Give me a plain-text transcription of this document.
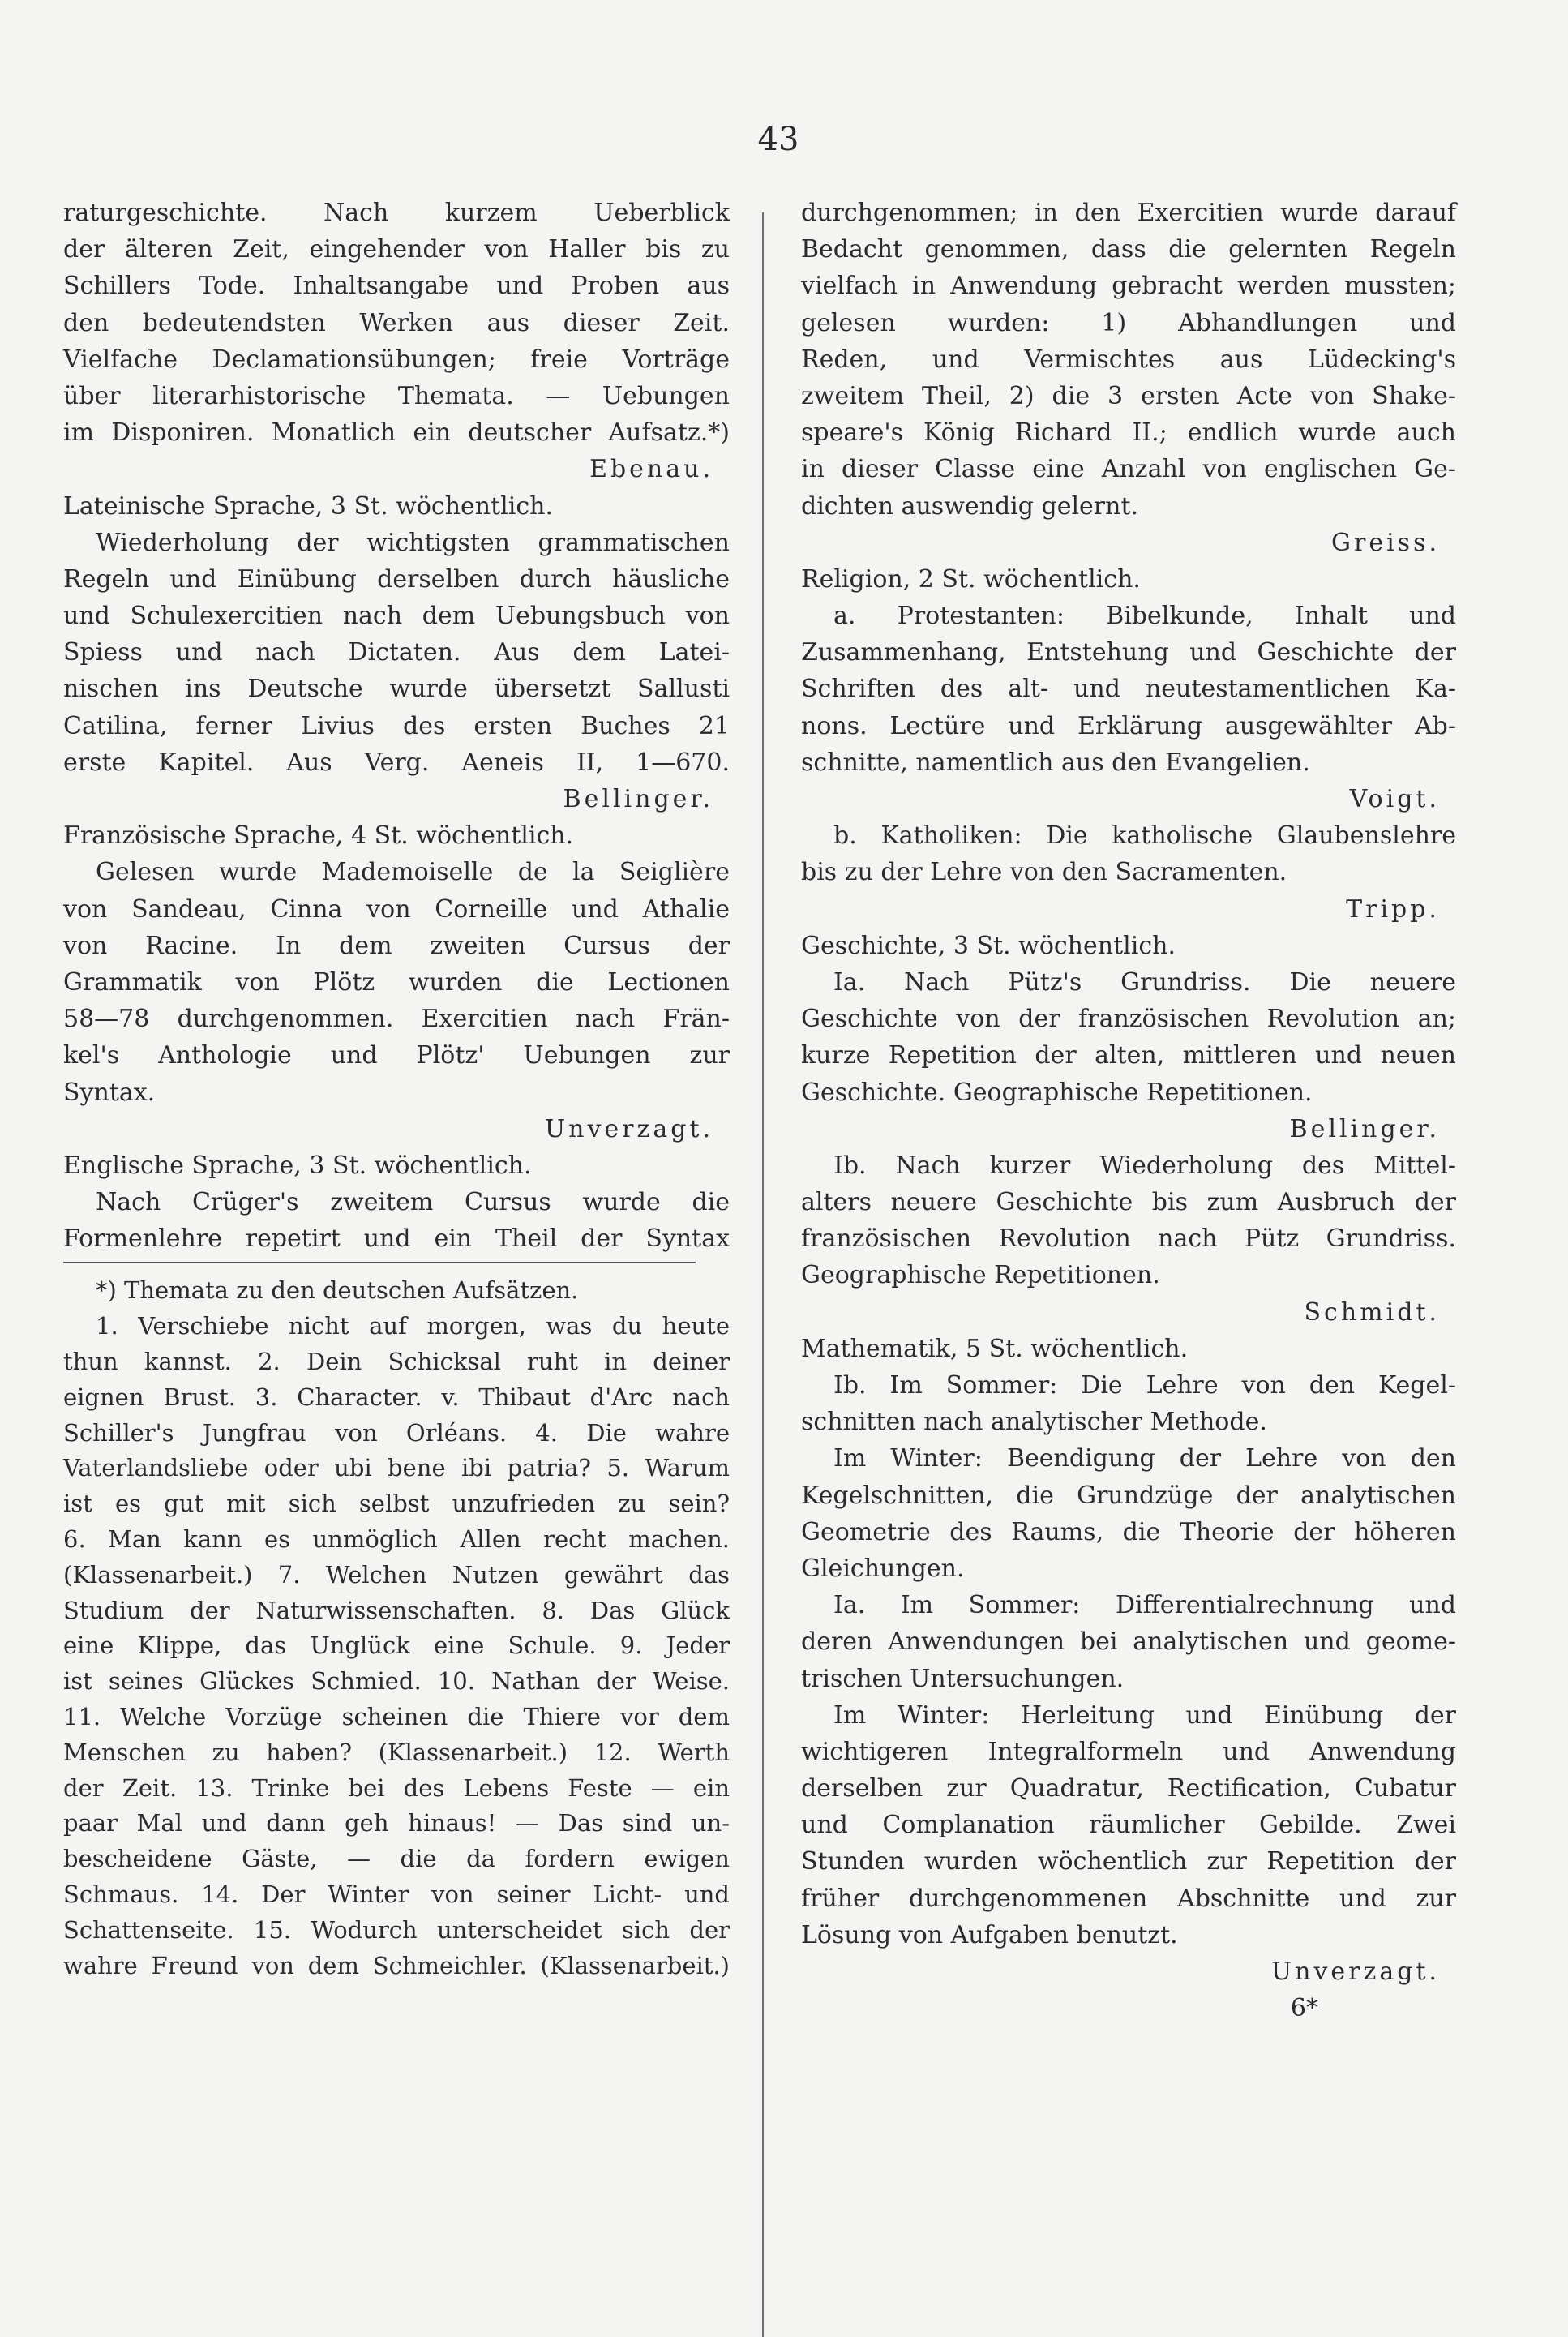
43
raturgeschichte. Nach kurzem Ueberblick
der älteren Zeit, eingehender von Haller bis zu
Schillers Tode. Inhaltsangabe und Proben aus
den bedeutendsten Werken aus dieser Zeit.
Vielfache Declamationsübungen; freie Vorträge
über literarhistorische Themata. — Uebungen
im Disponiren. Monatlich ein deutscher Aufsatz.*)
Ebenau.
Lateinische Sprache, 3 St. wöchentlich.
Wiederholung der wichtigsten grammatischen
Regeln und Einübung derselben durch häusliche
und Schulexercitien nach dem Uebungsbuch von
Spiess und nach Dictaten. Aus dem Latei-
nischen ins Deutsche wurde übersetzt Sallusti
Catilina, ferner Livius des ersten Buches 21
erste Kapitel. Aus Verg. Aeneis II, 1—670.
Bellinger.
Französische Sprache, 4 St. wöchentlich.
Gelesen wurde Mademoiselle de la Seiglière
von Sandeau, Cinna von Corneille und Athalie
von Racine. In dem zweiten Cursus der
Grammatik von Plötz wurden die Lectionen
58—78 durchgenommen. Exercitien nach Frän-
kel's Anthologie und Plötz' Uebungen zur
Syntax.
Unverzagt.
Englische Sprache, 3 St. wöchentlich.
Nach Crüger's zweitem Cursus wurde die
Formenlehre repetirt und ein Theil der Syntax
*) Themata zu den deutschen Aufsätzen.
1. Verschiebe nicht auf morgen, was du heute
thun kannst. 2. Dein Schicksal ruht in deiner
eignen Brust. 3. Character. v. Thibaut d'Arc nach
Schiller's Jungfrau von Orléans. 4. Die wahre
Vaterlandsliebe oder ubi bene ibi patria? 5. Warum
ist es gut mit sich selbst unzufrieden zu sein?
6. Man kann es unmöglich Allen recht machen.
(Klassenarbeit.) 7. Welchen Nutzen gewährt das
Studium der Naturwissenschaften. 8. Das Glück
eine Klippe, das Unglück eine Schule. 9. Jeder
ist seines Glückes Schmied. 10. Nathan der Weise.
11. Welche Vorzüge scheinen die Thiere vor dem
Menschen zu haben? (Klassenarbeit.) 12. Werth
der Zeit. 13. Trinke bei des Lebens Feste — ein
paar Mal und dann geh hinaus! — Das sind un-
bescheidene Gäste, — die da fordern ewigen
Schmaus. 14. Der Winter von seiner Licht- und
Schattenseite. 15. Wodurch unterscheidet sich der
wahre Freund von dem Schmeichler. (Klassenarbeit.)
durchgenommen; in den Exercitien wurde darauf
Bedacht genommen, dass die gelernten Regeln
vielfach in Anwendung gebracht werden mussten;
gelesen wurden: 1) Abhandlungen und
Reden, und Vermischtes aus Lüdecking's
zweitem Theil, 2) die 3 ersten Acte von Shake-
speare's König Richard II.; endlich wurde auch
in dieser Classe eine Anzahl von englischen Ge-
dichten auswendig gelernt.
Greiss.
Religion, 2 St. wöchentlich.
a. Protestanten: Bibelkunde, Inhalt und
Zusammenhang, Entstehung und Geschichte der
Schriften des alt- und neutestamentlichen Ka-
nons. Lectüre und Erklärung ausgewählter Ab-
schnitte, namentlich aus den Evangelien.
Voigt.
b. Katholiken: Die katholische Glaubenslehre
bis zu der Lehre von den Sacramenten.
Tripp.
Geschichte, 3 St. wöchentlich.
Ia. Nach Pütz's Grundriss. Die neuere
Geschichte von der französischen Revolution an;
kurze Repetition der alten, mittleren und neuen
Geschichte. Geographische Repetitionen.
Bellinger.
Ib. Nach kurzer Wiederholung des Mittel-
alters neuere Geschichte bis zum Ausbruch der
französischen Revolution nach Pütz Grundriss.
Geographische Repetitionen.
Schmidt.
Mathematik, 5 St. wöchentlich.
Ib. Im Sommer: Die Lehre von den Kegel-
schnitten nach analytischer Methode.
Im Winter: Beendigung der Lehre von den
Kegelschnitten, die Grundzüge der analytischen
Geometrie des Raums, die Theorie der höheren
Gleichungen.
Ia. Im Sommer: Differentialrechnung und
deren Anwendungen bei analytischen und geome-
trischen Untersuchungen.
Im Winter: Herleitung und Einübung der
wichtigeren Integralformeln und Anwendung
derselben zur Quadratur, Rectification, Cubatur
und Complanation räumlicher Gebilde. Zwei
Stunden wurden wöchentlich zur Repetition der
früher durchgenommenen Abschnitte und zur
Lösung von Aufgaben benutzt.
Unverzagt.
6*
